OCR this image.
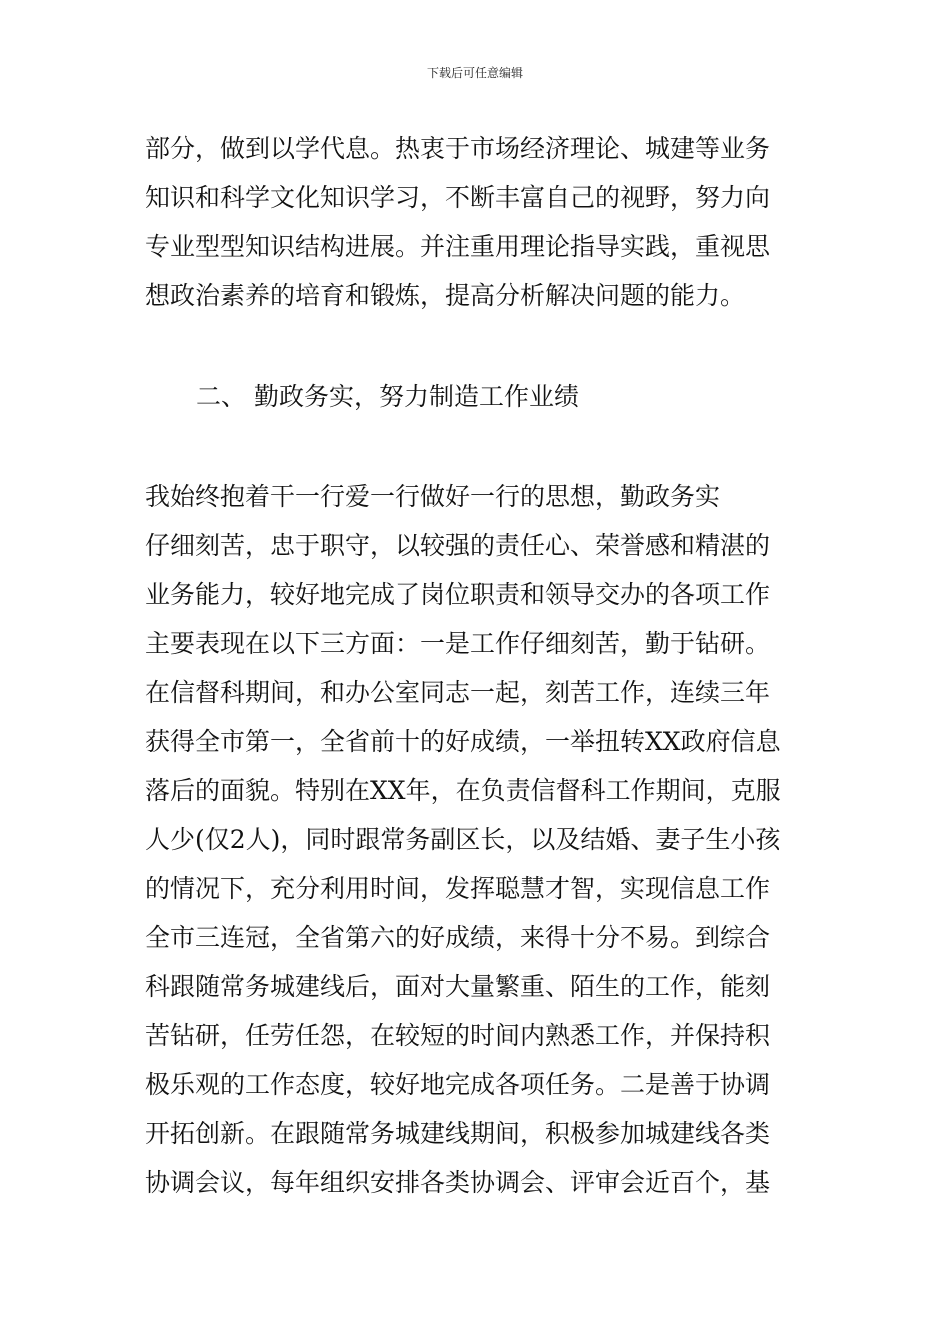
下载后可任意编辑
部分，做到以学代息。热衷于市场经济理论、城建等业务
知识和科学文化知识学习，不断丰富自己的视野，努力向
专业型型知识结构进展。并注重用理论指导实践，重视思
想政治素养的培育和锻炼，提高分析解决问题的能力。
二、 勤政务实，努力制造工作业绩
我始终抱着干一行爱一行做好一行的思想，勤政务实
仔细刻苦，忠于职守，以较强的责任心、荣誉感和精湛的
业务能力，较好地完成了岗位职责和领导交办的各项工作
主要表现在以下三方面：一是工作仔细刻苦，勤于钻研。
在信督科期间，和办公室同志一起，刻苦工作，连续三年
获得全市第一，全省前十的好成绩，一举扭转XX政府信息
落后的面貌。特别在XX年，在负责信督科工作期间，克服
人少(仅2人)，同时跟常务副区长，以及结婚、妻子生小孩
的情况下，充分利用时间，发挥聪慧才智，实现信息工作
全市三连冠，全省第六的好成绩，来得十分不易。到综合
科跟随常务城建线后，面对大量繁重、陌生的工作，能刻
苦钻研，任劳任怨，在较短的时间内熟悉工作，并保持积
极乐观的工作态度，较好地完成各项任务。二是善于协调
开拓创新。在跟随常务城建线期间，积极参加城建线各类
协调会议，每年组织安排各类协调会、评审会近百个，基
